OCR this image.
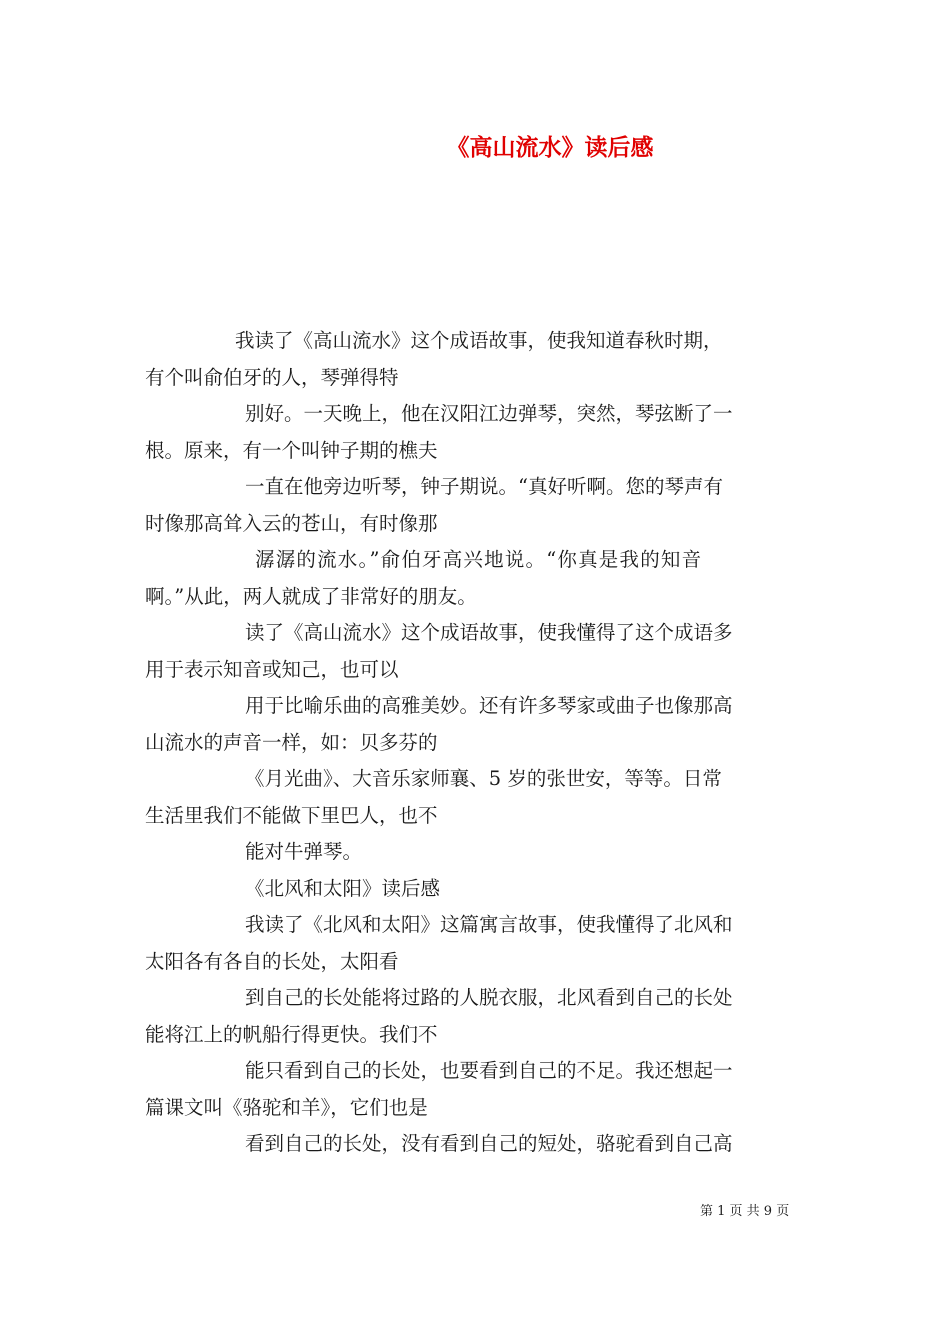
《高山流水》读后感
我读了《高山流水》这个成语故事，使我知道春秋时期，
有个叫俞伯牙的人，琴弹得特
别好。一天晚上，他在汉阳江边弹琴，突然，琴弦断了一
根。原来，有一个叫钟子期的樵夫
一直在他旁边听琴，钟子期说。“真好听啊。您的琴声有
时像那高耸入云的苍山，有时像那
潺潺的流水。”俞伯牙高兴地说。“你真是我的知音
啊。”从此，两人就成了非常好的朋友。
读了《高山流水》这个成语故事，使我懂得了这个成语多
用于表示知音或知己，也可以
用于比喻乐曲的高雅美妙。还有许多琴家或曲子也像那高
山流水的声音一样，如：贝多芬的
《月光曲》、大音乐家师襄、5 岁的张世安，等等。日常
生活里我们不能做下里巴人，也不
能对牛弹琴。
《北风和太阳》读后感
我读了《北风和太阳》这篇寓言故事，使我懂得了北风和
太阳各有各自的长处，太阳看
到自己的长处能将过路的人脱衣服，北风看到自己的长处
能将江上的帆船行得更快。我们不
能只看到自己的长处，也要看到自己的不足。我还想起一
篇课文叫《骆驼和羊》，它们也是
看到自己的长处，没有看到自己的短处，骆驼看到自己高
第 1 页 共 9 页
